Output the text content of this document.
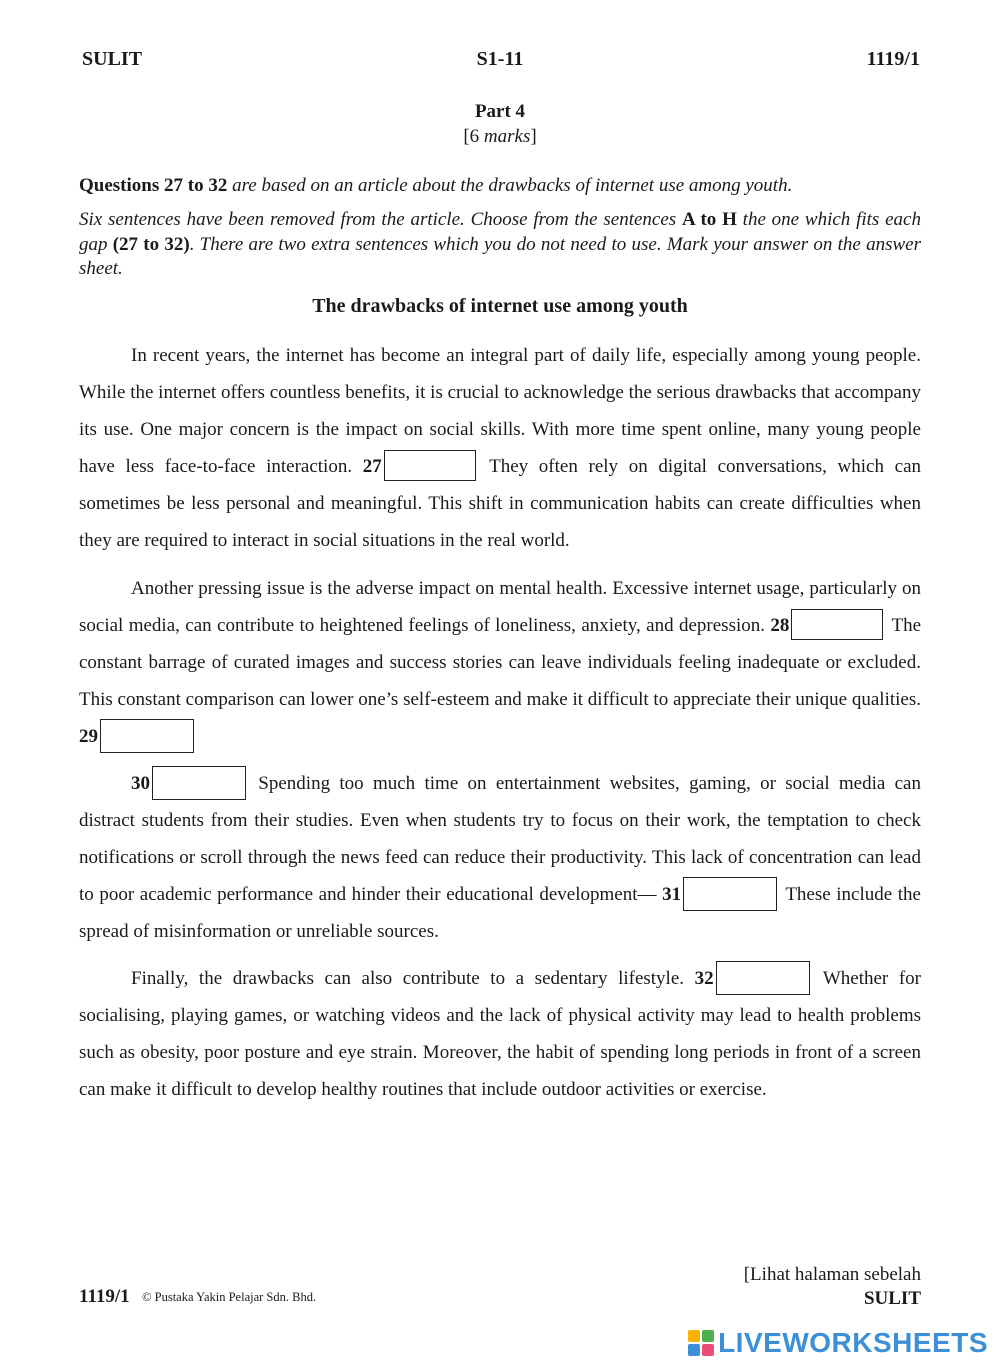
SULIT	S1-11	1119/1
Part 4
[6 marks]
Questions 27 to 32 are based on an article about the drawbacks of internet use among youth.
Six sentences have been removed from the article. Choose from the sentences A to H the one which fits each gap (27 to 32). There are two extra sentences which you do not need to use. Mark your answer on the answer sheet.
The drawbacks of internet use among youth
In recent years, the internet has become an integral part of daily life, especially among young people. While the internet offers countless benefits, it is crucial to acknowledge the serious drawbacks that accompany its use. One major concern is the impact on social skills. With more time spent online, many young people have less face-to-face interaction. 27	They often rely on digital conversations, which can sometimes be less personal and meaningful. This shift in communication habits can create difficulties when they are required to interact in social situations in the real world.
Another pressing issue is the adverse impact on mental health. Excessive internet usage, particularly on social media, can contribute to heightened feelings of loneliness, anxiety, and depression. 28	The constant barrage of curated images and success stories can leave individuals feeling inadequate or excluded. This constant comparison can lower one’s self-esteem and make it difficult to appreciate their unique qualities. 29
30	Spending too much time on entertainment websites, gaming, or social media can distract students from their studies. Even when students try to focus on their work, the temptation to check notifications or scroll through the news feed can reduce their productivity. This lack of concentration can lead to poor academic performance and hinder their educational development— 31	These include the spread of misinformation or unreliable sources.
Finally, the drawbacks can also contribute to a sedentary lifestyle. 32	Whether for socialising, playing games, or watching videos and the lack of physical activity may lead to health problems such as obesity, poor posture and eye strain. Moreover, the habit of spending long periods in front of a screen can make it difficult to develop healthy routines that include outdoor activities or exercise.
1119/1 © Pustaka Yakin Pelajar Sdn. Bhd.
[Lihat halaman sebelah
SULIT
LIVEWORKSHEETS
